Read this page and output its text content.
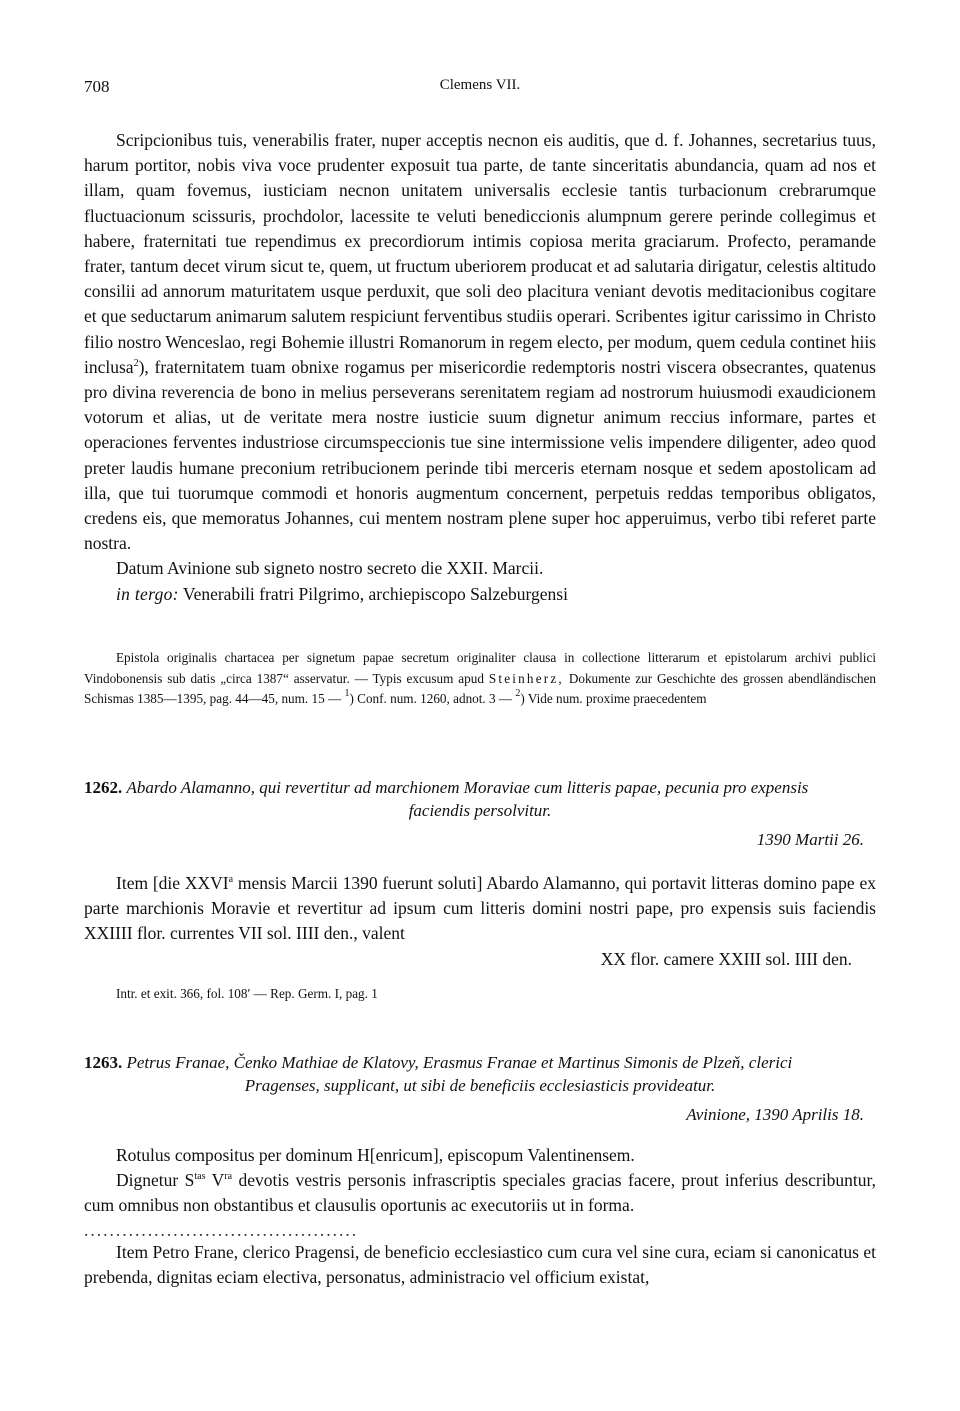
708	Clemens VII.

Scripcionibus tuis, venerabilis frater, nuper acceptis necnon eis auditis, que d. f. Johannes, secretarius tuus, harum portitor, nobis viva voce prudenter exposuit tua parte, de tante sinceritatis abundancia, quam ad nos et illam, quam fovemus, iusticiam necnon unitatem universalis ecclesie tantis turbacionum crebrarumque fluctuacionum scissuris, prochdolor, lacessite te veluti benediccionis alumpnum gerere perinde collegimus et habere, fraternitati tue rependimus ex precordiorum intimis copiosa merita graciarum. Profecto, peramande frater, tantum decet virum sicut te, quem, ut fructum uberiorem producat et ad salutaria dirigatur, celestis altitudo consilii ad annorum maturitatem usque perduxit, que soli deo placitura veniant devotis meditacionibus cogitare et que seductarum animarum salutem respiciunt ferventibus studiis operari. Scribentes igitur carissimo in Christo filio nostro Wenceslao, regi Bohemie illustri Romanorum in regem electo, per modum, quem cedula continet hiis inclusa$^2$), fraternitatem tuam obnixe rogamus per misericordie redemptoris nostri viscera obsecrantes, quatenus pro divina reverencia de bono in melius perseverans serenitatem regiam ad nostrorum huiusmodi exaudicionem votorum et alias, ut de veritate mera nostre iusticie suum dignetur animum reccius informare, partes et operaciones ferventes industriose circumspeccionis tue sine intermissione velis impendere diligenter, adeo quod preter laudis humane preconium retribucionem perinde tibi merceris eternam nosque et sedem apostolicam ad illa, que tui tuorumque commodi et honoris augmentum concernent, perpetuis reddas temporibus obligatos, credens eis, que memoratus Johannes, cui mentem nostram plene super hoc apperuimus, verbo tibi referet parte nostra.

Datum Avinione sub signeto nostro secreto die XXII. Marcii.

in tergo: Venerabili fratri Pilgrimo, archiepiscopo Salzeburgensi

Epistola originalis chartacea per signetum papae secretum originaliter clausa in collectione litterarum et epistolarum archivi publici Vindobonensis sub datis „circa 1387“ asservatur. — Typis excusum apud Steinherz, Dokumente zur Geschichte des grossen abendländischen Schismas 1385—1395, pag. 44—45, num. 15 — $^1$) Conf. num. 1260, adnot. 3 — $^2$) Vide num. proxime praecedentem

1262. Abardo Alamanno, qui revertitur ad marchionem Moraviae cum litteris papae, pecunia pro expensis
faciendis persolvitur.
1390 Martii 26.

Item [die XXVI$^a$ mensis Marcii 1390 fuerunt soluti] Abardo Alamanno, qui portavit litteras domino pape ex parte marchionis Moravie et revertitur ad ipsum cum litteris domini nostri pape, pro expensis suis faciendis XXIIII flor. currentes VII sol. IIII den., valent

XX flor. camere XXIII sol. IIII den.

Intr. et exit. 366, fol. 108′ — Rep. Germ. I, pag. 1

1263. Petrus Franae, Čenko Mathiae de Klatovy, Erasmus Franae et Martinus Simonis de Plzeň, clerici
Pragenses, supplicant, ut sibi de beneficiis ecclesiasticis provideatur.
Avinione, 1390 Aprilis 18.

Rotulus compositus per dominum H[enricum], episcopum Valentinensem.

Dignetur $S^{tas}$ $V^{ra}$ devotis vestris personis infrascriptis speciales gracias facere, prout inferius describuntur, cum omnibus non obstantibus et clausulis oportunis ac executoriis ut in forma.

...........................................

Item Petro Frane, clerico Pragensi, de beneficio ecclesiastico cum cura vel sine cura, eciam si canonicatus et prebenda, dignitas eciam electiva, personatus, administracio vel officium existat,
